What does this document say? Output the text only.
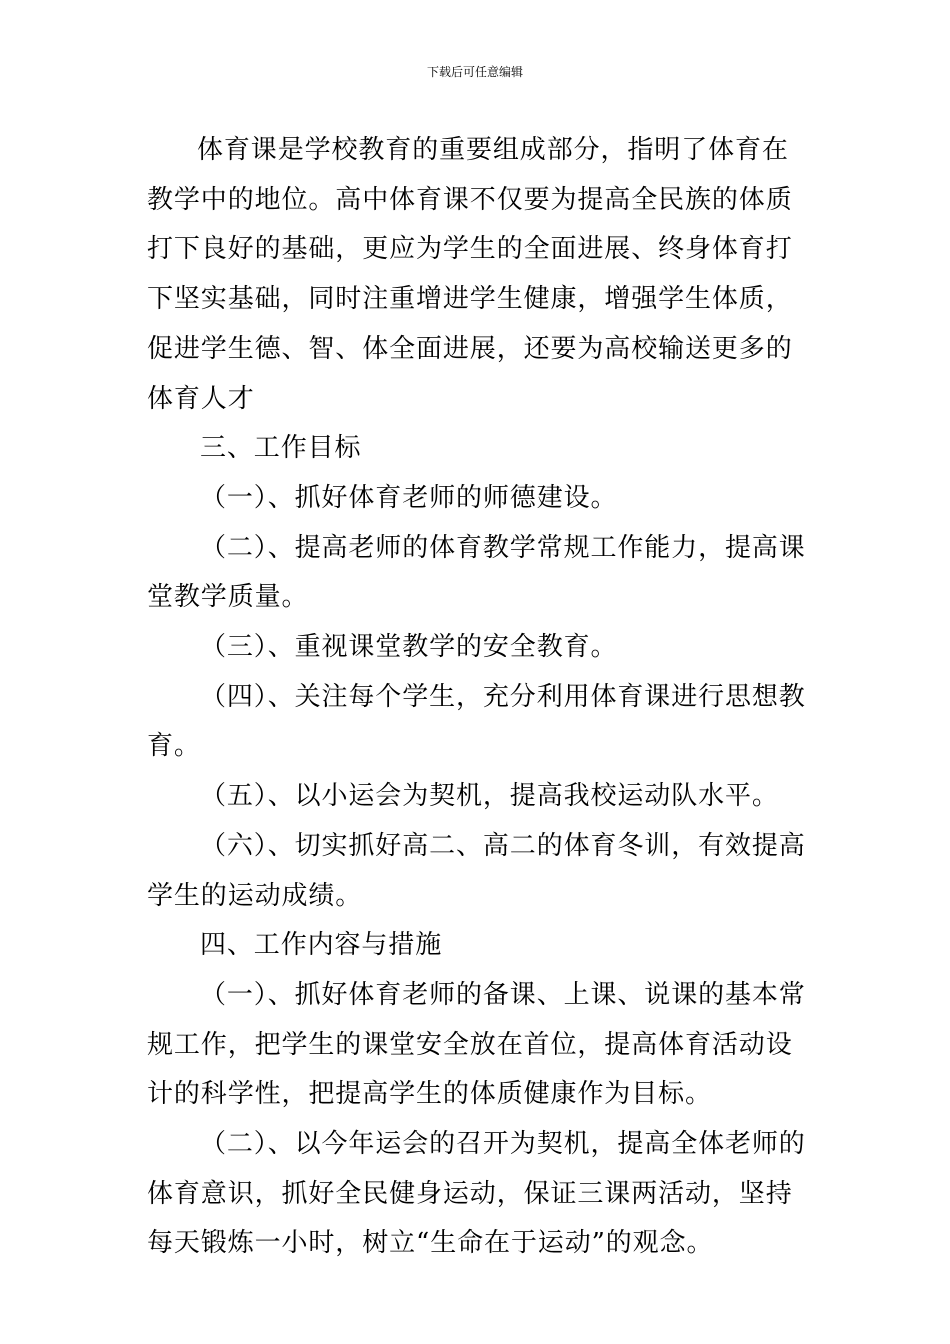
下载后可任意编辑

体育课是学校教育的重要组成部分，指明了体育在教学中的地位。高中体育课不仅要为提高全民族的体质打下良好的基础，更应为学生的全面进展、终身体育打下坚实基础，同时注重增进学生健康，增强学生体质，促进学生德、智、体全面进展，还要为高校输送更多的体育人才

三、工作目标

（一）、抓好体育老师的师德建设。

（二）、提高老师的体育教学常规工作能力，提高课堂教学质量。

（三）、重视课堂教学的安全教育。

（四）、关注每个学生，充分利用体育课进行思想教育。

（五）、以小运会为契机，提高我校运动队水平。

（六）、切实抓好高二、高二的体育冬训，有效提高学生的运动成绩。

四、工作内容与措施

（一）、抓好体育老师的备课、上课、说课的基本常规工作，把学生的课堂安全放在首位，提高体育活动设计的科学性，把提高学生的体质健康作为目标。

（二）、以今年运会的召开为契机，提高全体老师的体育意识，抓好全民健身运动，保证三课两活动，坚持每天锻炼一小时，树立“生命在于运动”的观念。
